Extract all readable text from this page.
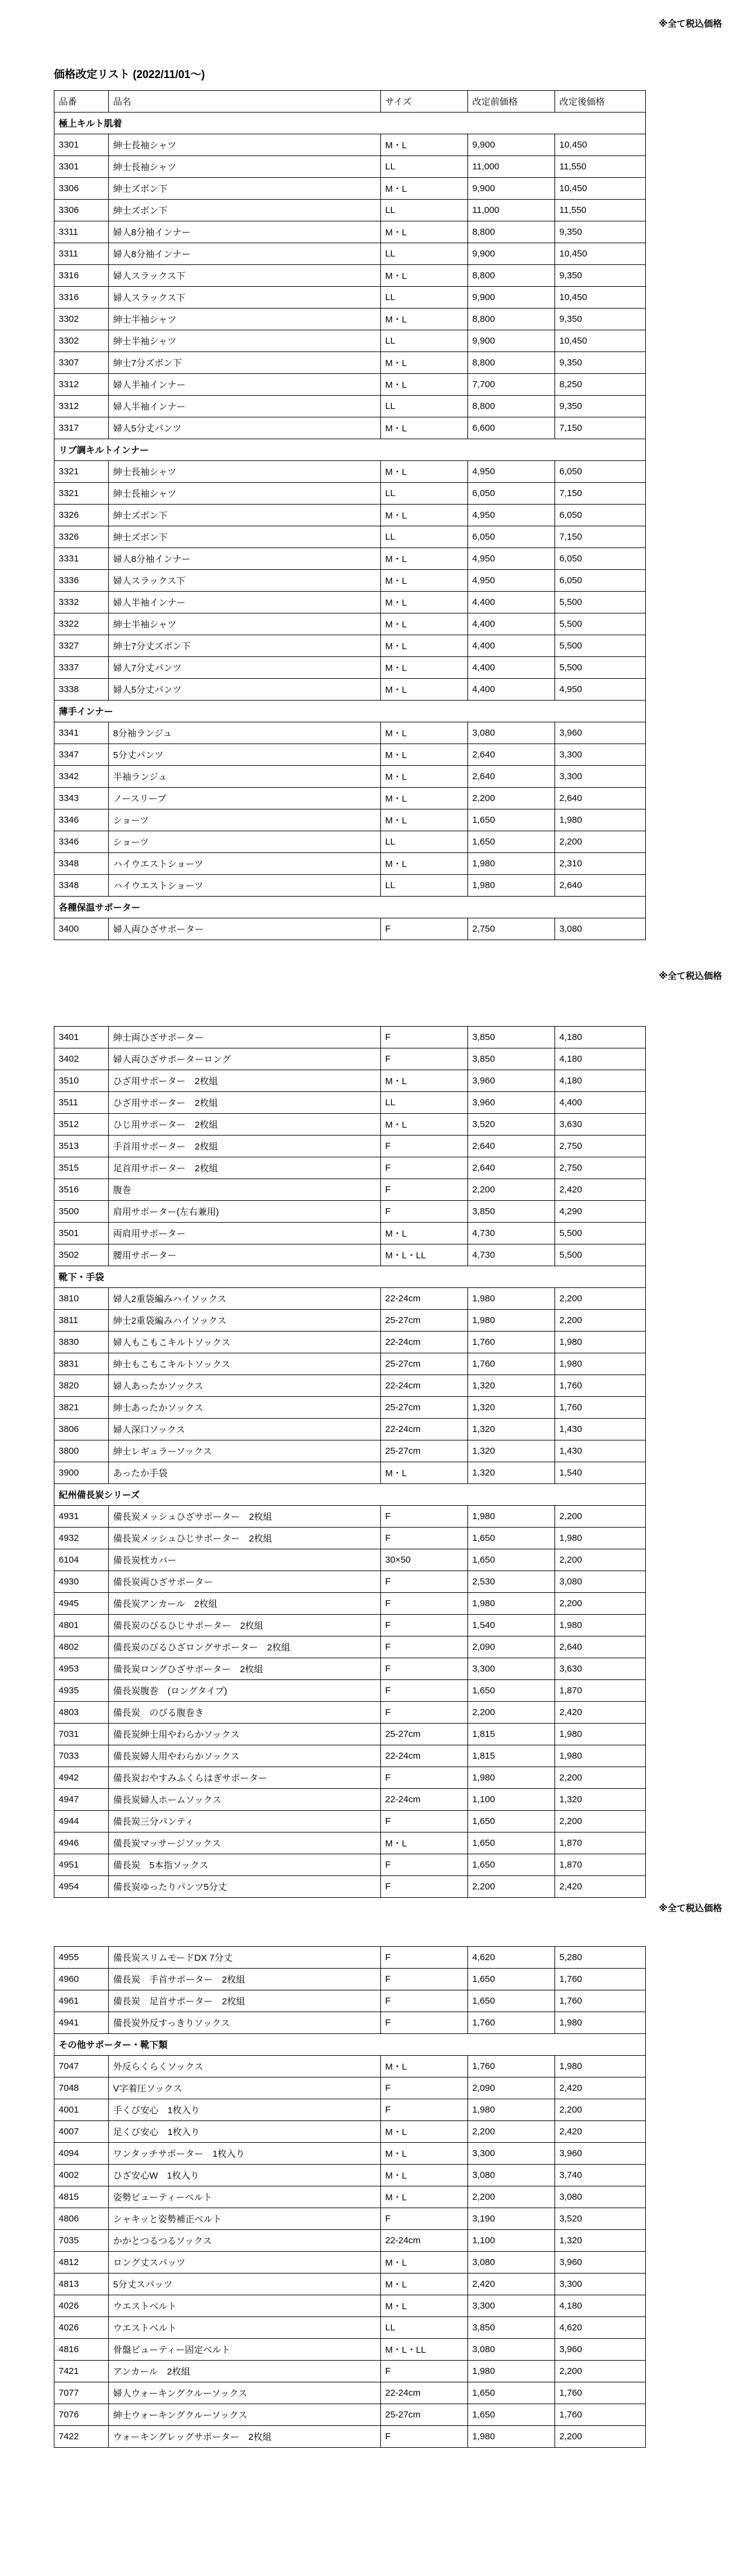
※全て税込価格
価格改定リスト (2022/11/01～)
品番	品名	サイズ	改定前価格	改定後価格
極上キルト肌着				
3301	紳士長袖シャツ	M・L	9,900	10,450
3301	紳士長袖シャツ	LL	11,000	11,550
3306	紳士ズボン下	M・L	9,900	10,450
3306	紳士ズボン下	LL	11,000	11,550
3311	婦人8分袖インナー	M・L	8,800	9,350
3311	婦人8分袖インナー	LL	9,900	10,450
3316	婦人スラックス下	M・L	8,800	9,350
3316	婦人スラックス下	LL	9,900	10,450
3302	紳士半袖シャツ	M・L	8,800	9,350
3302	紳士半袖シャツ	LL	9,900	10,450
3307	紳士7分ズボン下	M・L	8,800	9,350
3312	婦人半袖インナー	M・L	7,700	8,250
3312	婦人半袖インナー	LL	8,800	9,350
3317	婦人5分丈パンツ	M・L	6,600	7,150
リブ調キルトインナー				
3321	紳士長袖シャツ	M・L	4,950	6,050
3321	紳士長袖シャツ	LL	6,050	7,150
3326	紳士ズボン下	M・L	4,950	6,050
3326	紳士ズボン下	LL	6,050	7,150
3331	婦人8分袖インナー	M・L	4,950	6,050
3336	婦人スラックス下	M・L	4,950	6,050
3332	婦人半袖インナー	M・L	4,400	5,500
3322	紳士半袖シャツ	M・L	4,400	5,500
3327	紳士7分丈ズボン下	M・L	4,400	5,500
3337	婦人7分丈パンツ	M・L	4,400	5,500
3338	婦人5分丈パンツ	M・L	4,400	4,950
薄手インナー				
3341	8分袖ランジュ	M・L	3,080	3,960
3347	5分丈パンツ	M・L	2,640	3,300
3342	半袖ランジュ	M・L	2,640	3,300
3343	ノースリーブ	M・L	2,200	2,640
3346	ショーツ	M・L	1,650	1,980
3346	ショーツ	LL	1,650	2,200
3348	ハイウエストショーツ	M・L	1,980	2,310
3348	ハイウエストショーツ	LL	1,980	2,640
各種保温サポーター				
3400	婦人両ひざサポーター	F	2,750	3,080
※全て税込価格
3401	紳士両ひざサポーター	F	3,850	4,180
3402	婦人両ひざサポーターロング	F	3,850	4,180
3510	ひざ用サポーター　2枚組	M・L	3,960	4,180
3511	ひざ用サポーター　2枚組	LL	3,960	4,400
3512	ひじ用サポーター　2枚組	M・L	3,520	3,630
3513	手首用サポーター　2枚組	F	2,640	2,750
3515	足首用サポーター　2枚組	F	2,640	2,750
3516	腹巻	F	2,200	2,420
3500	肩用サポーター(左右兼用)	F	3,850	4,290
3501	両肩用サポーター	M・L	4,730	5,500
3502	腰用サポーター	M・L・LL	4,730	5,500
靴下・手袋				
3810	婦人2重袋編みハイソックス	22-24cm	1,980	2,200
3811	紳士2重袋編みハイソックス	25-27cm	1,980	2,200
3830	婦人もこもこキルトソックス	22-24cm	1,760	1,980
3831	紳士もこもこキルトソックス	25-27cm	1,760	1,980
3820	婦人あったかソックス	22-24cm	1,320	1,760
3821	紳士あったかソックス	25-27cm	1,320	1,760
3806	婦人深口ソックス	22-24cm	1,320	1,430
3800	紳士レギュラーソックス	25-27cm	1,320	1,430
3900	あったか手袋	M・L	1,320	1,540
紀州備長炭シリーズ				
4931	備長炭メッシュひざサポーター　2枚組	F	1,980	2,200
4932	備長炭メッシュひじサポーター　2枚組	F	1,650	1,980
6104	備長炭枕カバー	30×50	1,650	2,200
4930	備長炭両ひざサポーター	F	2,530	3,080
4945	備長炭アンカール　2枚組	F	1,980	2,200
4801	備長炭のびるひじサポーター　2枚組	F	1,540	1,980
4802	備長炭のびるひざロングサポーター　2枚組	F	2,090	2,640
4953	備長炭ロングひざサポーター　2枚組	F	3,300	3,630
4935	備長炭腹巻　(ロングタイプ)	F	1,650	1,870
4803	備長炭　のびる腹巻き	F	2,200	2,420
7031	備長炭紳士用やわらかソックス	25-27cm	1,815	1,980
7033	備長炭婦人用やわらかソックス	22-24cm	1,815	1,980
4942	備長炭おやすみふくらはぎサポーター	F	1,980	2,200
4947	備長炭婦人ホームソックス	22-24cm	1,100	1,320
4944	備長炭三分パンティ	F	1,650	2,200
4946	備長炭マッサージソックス	M・L	1,650	1,870
4951	備長炭　5本指ソックス	F	1,650	1,870
4954	備長炭ゆったりパンツ5分丈	F	2,200	2,420
※全て税込価格
4955	備長炭スリムモードDX 7分丈	F	4,620	5,280
4960	備長炭　手首サポーター　2枚組	F	1,650	1,760
4961	備長炭　足首サポーター　2枚組	F	1,650	1,760
4941	備長炭外反すっきりソックス	F	1,760	1,980
その他サポーター・靴下類				
7047	外反らくらくソックス	M・L	1,760	1,980
7048	V字着圧ソックス	F	2,090	2,420
4001	手くび安心　1枚入り	F	1,980	2,200
4007	足くび安心　1枚入り	M・L	2,200	2,420
4094	ワンタッチサポーター　1枚入り	M・L	3,300	3,960
4002	ひざ安心W　1枚入り	M・L	3,080	3,740
4815	姿勢ビューティーベルト	M・L	2,200	3,080
4806	シャキッと姿勢補正ベルト	F	3,190	3,520
7035	かかとつるつるソックス	22-24cm	1,100	1,320
4812	ロング丈スパッツ	M・L	3,080	3,960
4813	5分丈スパッツ	M・L	2,420	3,300
4026	ウエストベルト	M・L	3,300	4,180
4026	ウエストベルト	LL	3,850	4,620
4816	骨盤ビューティー固定ベルト	M・L・LL	3,080	3,960
7421	アンカール　2枚組	F	1,980	2,200
7077	婦人ウォーキングクルーソックス	22-24cm	1,650	1,760
7076	紳士ウォーキングクルーソックス	25-27cm	1,650	1,760
7422	ウォーキングレッグサポーター　2枚組	F	1,980	2,200
